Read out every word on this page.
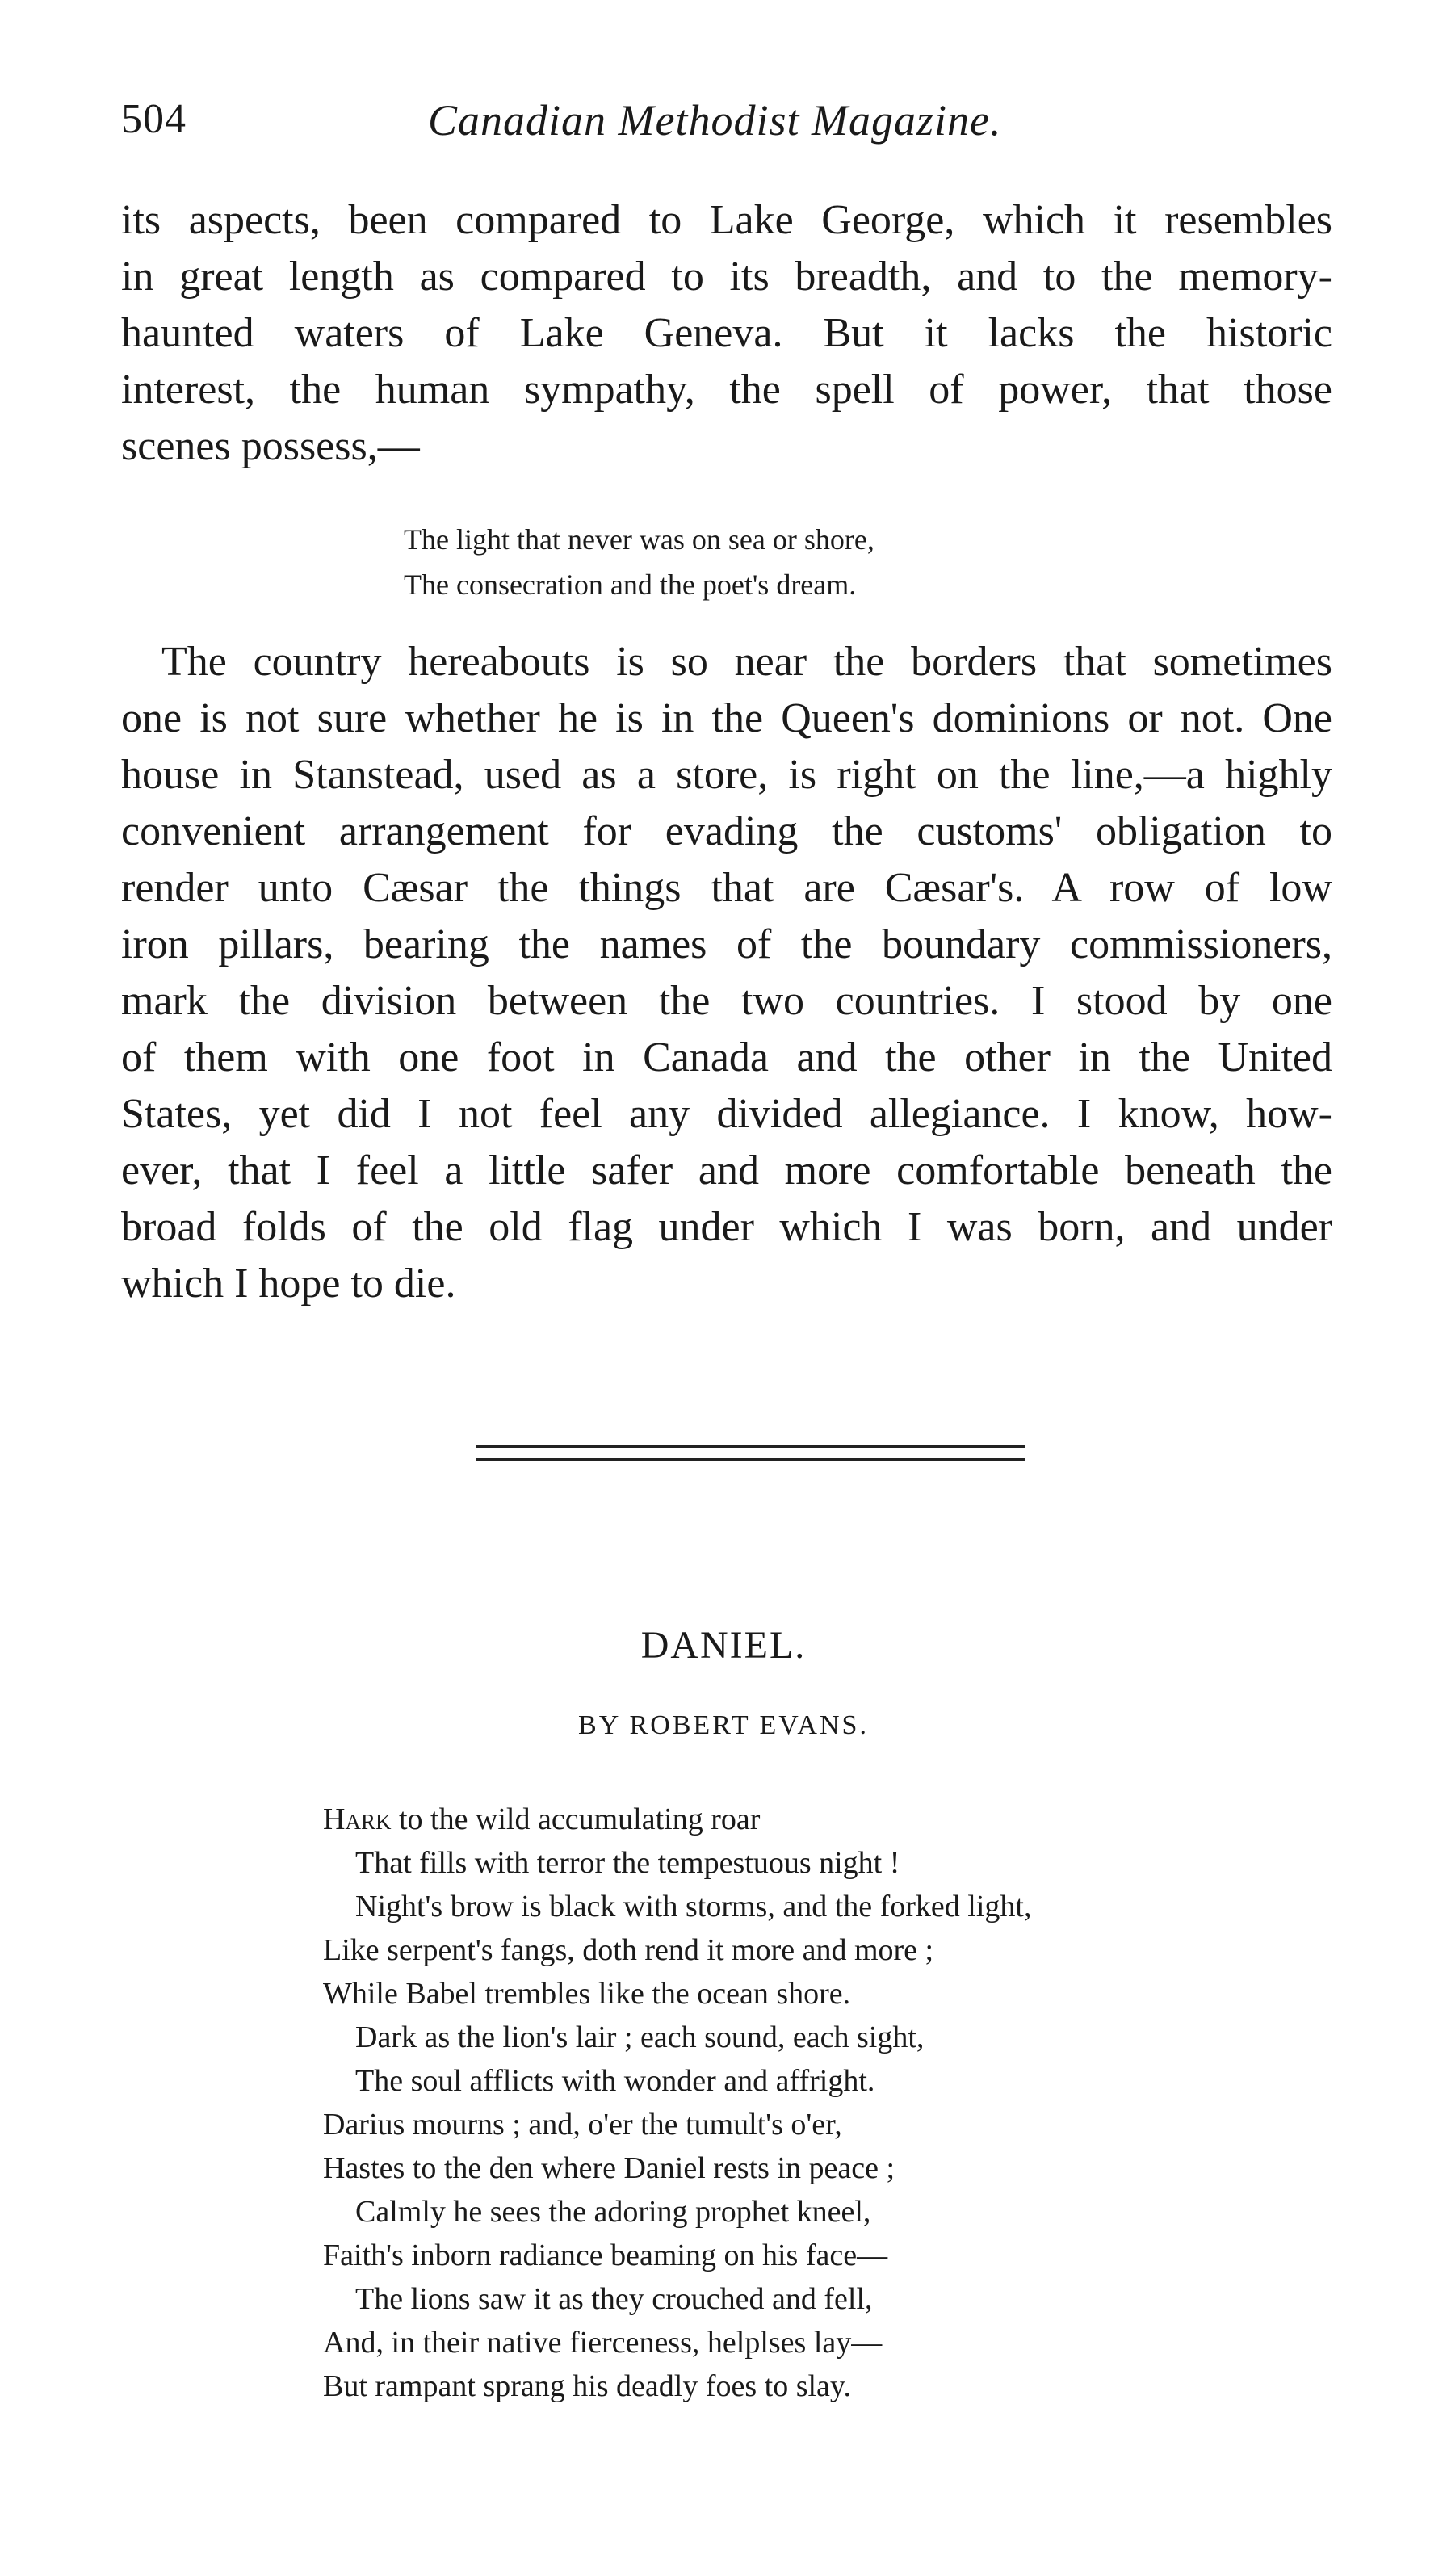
504	Canadian Methodist Magazine.
its aspects, been compared to Lake George, which it resembles
in great length as compared to its breadth, and to the memory-
haunted waters of Lake Geneva. But it lacks the historic
interest, the human sympathy, the spell of power, that those
scenes possess,—
The light that never was on sea or shore,
The consecration and the poet's dream.
The country hereabouts is so near the borders that sometimes
one is not sure whether he is in the Queen's dominions or not. One
house in Stanstead, used as a store, is right on the line,—a highly
convenient arrangement for evading the customs' obligation to
render unto Cæsar the things that are Cæsar's. A row of low
iron pillars, bearing the names of the boundary commissioners,
mark the division between the two countries. I stood by one
of them with one foot in Canada and the other in the United
States, yet did I not feel any divided allegiance. I know, how-
ever, that I feel a little safer and more comfortable beneath the
broad folds of the old flag under which I was born, and under
which I hope to die.
DANIEL.
BY ROBERT EVANS.
Hark to the wild accumulating roar
That fills with terror the tempestuous night !
Night's brow is black with storms, and the forked light,
Like serpent's fangs, doth rend it more and more ;
While Babel trembles like the ocean shore.
Dark as the lion's lair ; each sound, each sight,
The soul afflicts with wonder and affright.
Darius mourns ; and, o'er the tumult's o'er,
Hastes to the den where Daniel rests in peace ;
Calmly he sees the adoring prophet kneel,
Faith's inborn radiance beaming on his face—
The lions saw it as they crouched and fell,
And, in their native fierceness, helplses lay—
But rampant sprang his deadly foes to slay.
